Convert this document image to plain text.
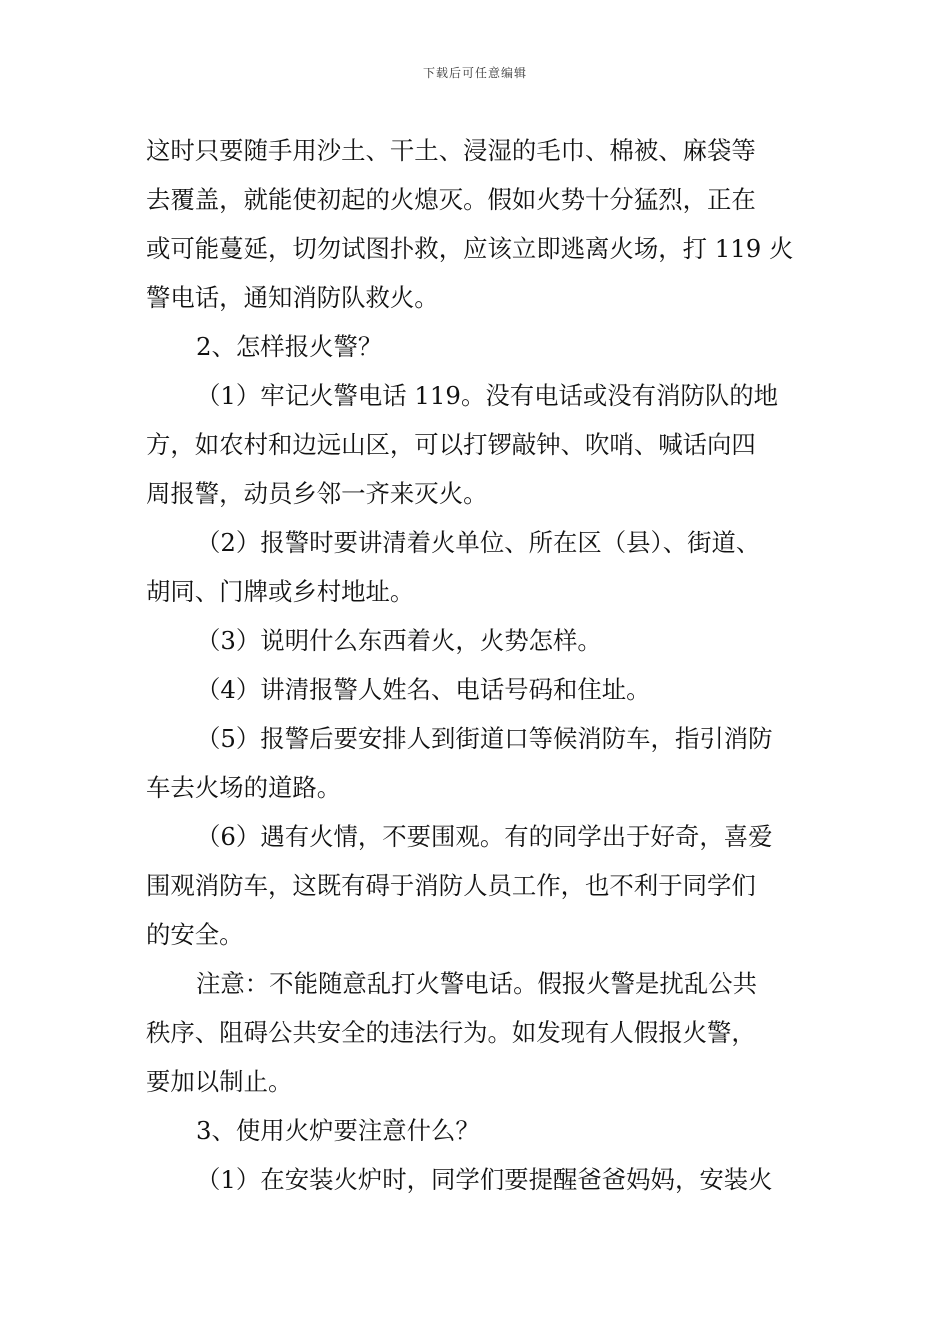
下载后可任意编辑
这时只要随手用沙土、干土、浸湿的毛巾、棉被、麻袋等
去覆盖，就能使初起的火熄灭。假如火势十分猛烈，正在
或可能蔓延，切勿试图扑救，应该立即逃离火场，打 119 火
警电话，通知消防队救火。
2、怎样报火警？
（1）牢记火警电话 119。没有电话或没有消防队的地
方，如农村和边远山区，可以打锣敲钟、吹哨、喊话向四
周报警，动员乡邻一齐来灭火。
（2）报警时要讲清着火单位、所在区（县）、街道、
胡同、门牌或乡村地址。
（3）说明什么东西着火，火势怎样。
（4）讲清报警人姓名、电话号码和住址。
（5）报警后要安排人到街道口等候消防车，指引消防
车去火场的道路。
（6）遇有火情，不要围观。有的同学出于好奇，喜爱
围观消防车，这既有碍于消防人员工作，也不利于同学们
的安全。
注意：不能随意乱打火警电话。假报火警是扰乱公共
秩序、阻碍公共安全的违法行为。如发现有人假报火警，
要加以制止。
3、使用火炉要注意什么？
（1）在安装火炉时，同学们要提醒爸爸妈妈，安装火
